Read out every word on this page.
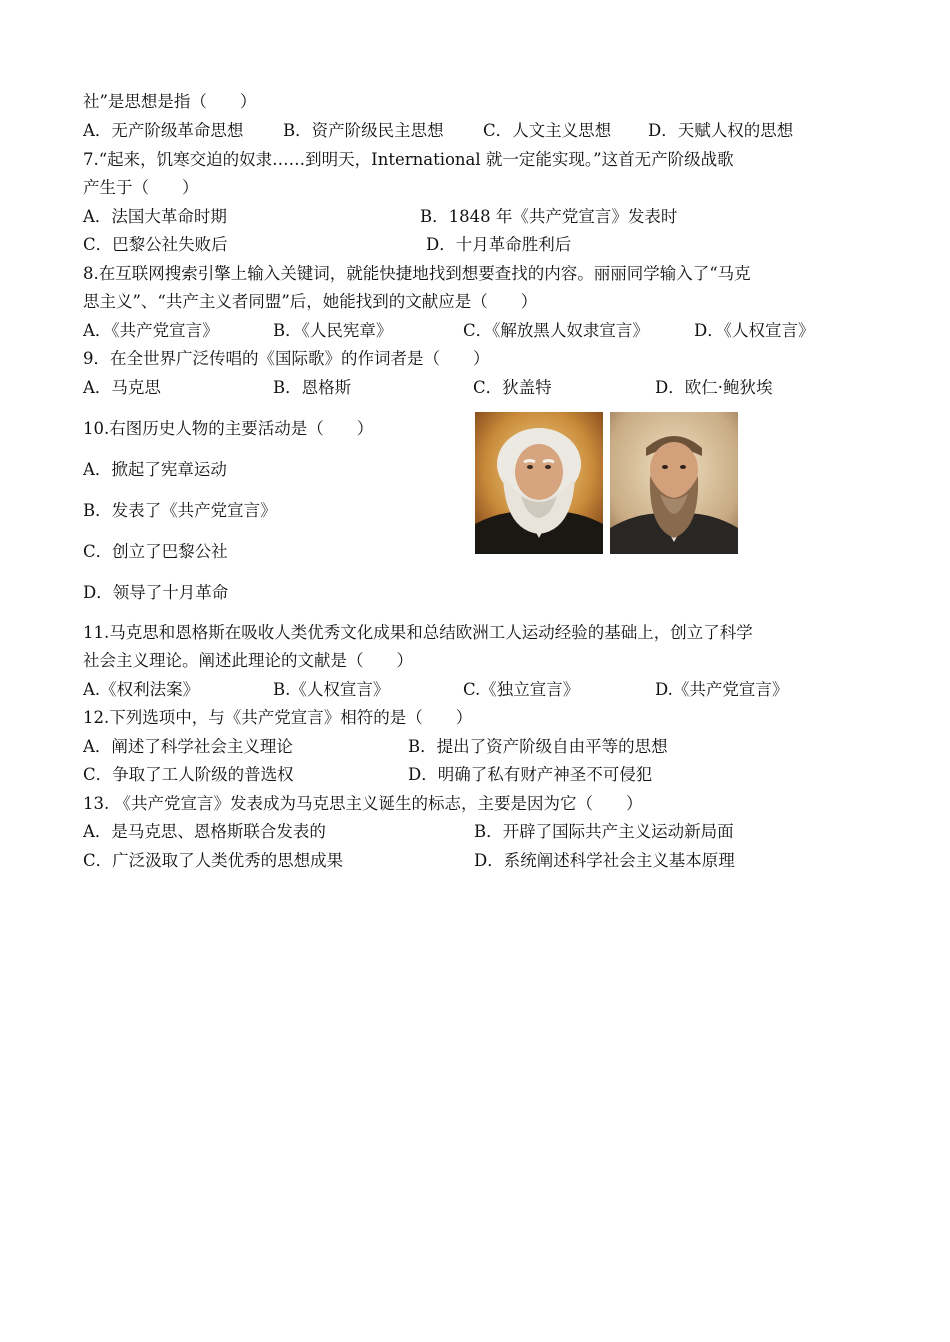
社”是思想是指（　　）
A．无产阶级革命思想 B．资产阶级民主思想 C．人文主义思想 D．天赋人权的思想
7.“起来，饥寒交迫的奴隶……到明天，International 就一定能实现。”这首无产阶级战歌
产生于（　　）
A．法国大革命时期	B．1848 年《共产党宣言》发表时
C．巴黎公社失败后	D．十月革命胜利后
8.在互联网搜索引擎上输入关键词，就能快捷地找到想要查找的内容。丽丽同学输入了“马克
思主义”、“共产主义者同盟”后，她能找到的文献应是（　　）
A．《共产党宣言》	B．《人民宪章》	C．《解放黑人奴隶宣言》	D．《人权宣言》
9．在全世界广泛传唱的《国际歌》的作词者是（　　）
A．马克思	B．恩格斯	C．狄盖特	D．欧仁·鲍狄埃
10.右图历史人物的主要活动是（　　）
A．掀起了宪章运动
B．发表了《共产党宣言》
C．创立了巴黎公社
D．领导了十月革命
11.马克思和恩格斯在吸收人类优秀文化成果和总结欧洲工人运动经验的基础上，创立了科学
社会主义理论。阐述此理论的文献是（　　）
A.《权利法案》	B.《人权宣言》	C.《独立宣言》	D.《共产党宣言》
12.下列选项中，与《共产党宣言》相符的是（　　）
A．阐述了科学社会主义理论	B．提出了资产阶级自由平等的思想
C．争取了工人阶级的普选权	D．明确了私有财产神圣不可侵犯
13. 《共产党宣言》发表成为马克思主义诞生的标志，主要是因为它（　　）
A．是马克思、恩格斯联合发表的	B．开辟了国际共产主义运动新局面
C．广泛汲取了人类优秀的思想成果	D．系统阐述科学社会主义基本原理
